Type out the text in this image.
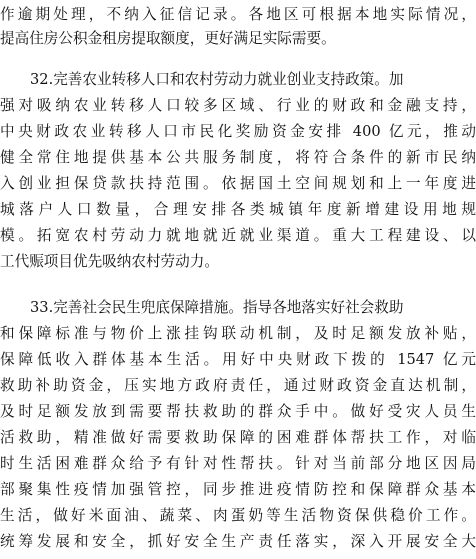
作逾期处理，不纳入征信记录。各地区可根据本地实际情况，
提高住房公积金租房提取额度，更好满足实际需要。
32.完善农业转移人口和农村劳动力就业创业支持政策。加
强对吸纳农业转移人口较多区域、行业的财政和金融支持，
中央财政农业转移人口市民化奖励资金安排 400 亿元，推动
健全常住地提供基本公共服务制度，将符合条件的新市民纳
入创业担保贷款扶持范围。依据国土空间规划和上一年度进
城落户人口数量，合理安排各类城镇年度新增建设用地规
模。拓宽农村劳动力就地就近就业渠道。重大工程建设、以
工代赈项目优先吸纳农村劳动力。
33.完善社会民生兜底保障措施。指导各地落实好社会救助
和保障标准与物价上涨挂钩联动机制，及时足额发放补贴，
保障低收入群体基本生活。用好中央财政下拨的 1547 亿元
救助补助资金，压实地方政府责任，通过财政资金直达机制，
及时足额发放到需要帮扶救助的群众手中。做好受灾人员生
活救助，精准做好需要救助保障的困难群体帮扶工作，对临
时生活困难群众给予有针对性帮扶。针对当前部分地区因局
部聚集性疫情加强管控，同步推进疫情防控和保障群众基本
生活，做好米面油、蔬菜、肉蛋奶等生活物资保供稳价工作。
统筹发展和安全，抓好安全生产责任落实，深入开展安全大
